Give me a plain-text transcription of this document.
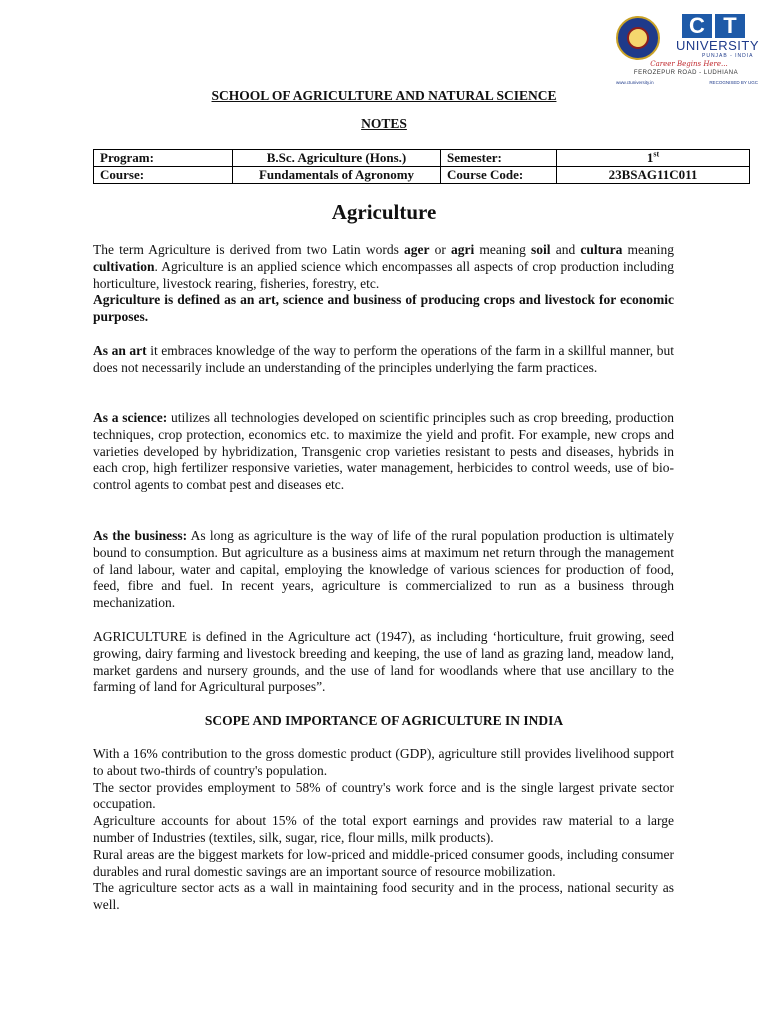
C T
UNIVERSITY
PUNJAB - INDIA
Career Begins Here...
FEROZEPUR ROAD - LUDHIANA
www.ctuniversity.in	RECOGNISED BY UGC
SCHOOL OF AGRICULTURE AND NATURAL SCIENCE
NOTES
Program:	B.Sc. Agriculture (Hons.)	Semester:	1st
Course:	Fundamentals of Agronomy	Course Code:	23BSAG11C011
Agriculture
The term Agriculture is derived from two Latin words ager or agri meaning soil and cultura meaning cultivation. Agriculture is an applied science which encompasses all aspects of crop production including horticulture, livestock rearing, fisheries, forestry, etc.
Agriculture is defined as an art, science and business of producing crops and livestock for economic purposes.
As an art it embraces knowledge of the way to perform the operations of the farm in a skillful manner, but does not necessarily include an understanding of the principles underlying the farm practices.
As a science: utilizes all technologies developed on scientific principles such as crop breeding, production techniques, crop protection, economics etc. to maximize the yield and profit. For example, new crops and varieties developed by hybridization, Transgenic crop varieties resistant to pests and diseases, hybrids in each crop, high fertilizer responsive varieties, water management, herbicides to control weeds, use of bio-control agents to combat pest and diseases etc.
As the business: As long as agriculture is the way of life of the rural population production is ultimately bound to consumption. But agriculture as a business aims at maximum net return through the management of land labour, water and capital, employing the knowledge of various sciences for production of food, feed, fibre and fuel. In recent years, agriculture is commercialized to run as a business through mechanization.
AGRICULTURE is defined in the Agriculture act (1947), as including ‘horticulture, fruit growing, seed growing, dairy farming and livestock breeding and keeping, the use of land as grazing land, meadow land, market gardens and nursery grounds, and the use of land for woodlands where that use ancillary to the farming of land for Agricultural purposes”.
SCOPE AND IMPORTANCE OF AGRICULTURE IN INDIA
With a 16% contribution to the gross domestic product (GDP), agriculture still provides livelihood support to about two-thirds of country's population.
The sector provides employment to 58% of country's work force and is the single largest private sector occupation.
Agriculture accounts for about 15% of the total export earnings and provides raw material to a large number of Industries (textiles, silk, sugar, rice, flour mills, milk products).
Rural areas are the biggest markets for low-priced and middle-priced consumer goods, including consumer durables and rural domestic savings are an important source of resource mobilization.
The agriculture sector acts as a wall in maintaining food security and in the process, national security as well.
